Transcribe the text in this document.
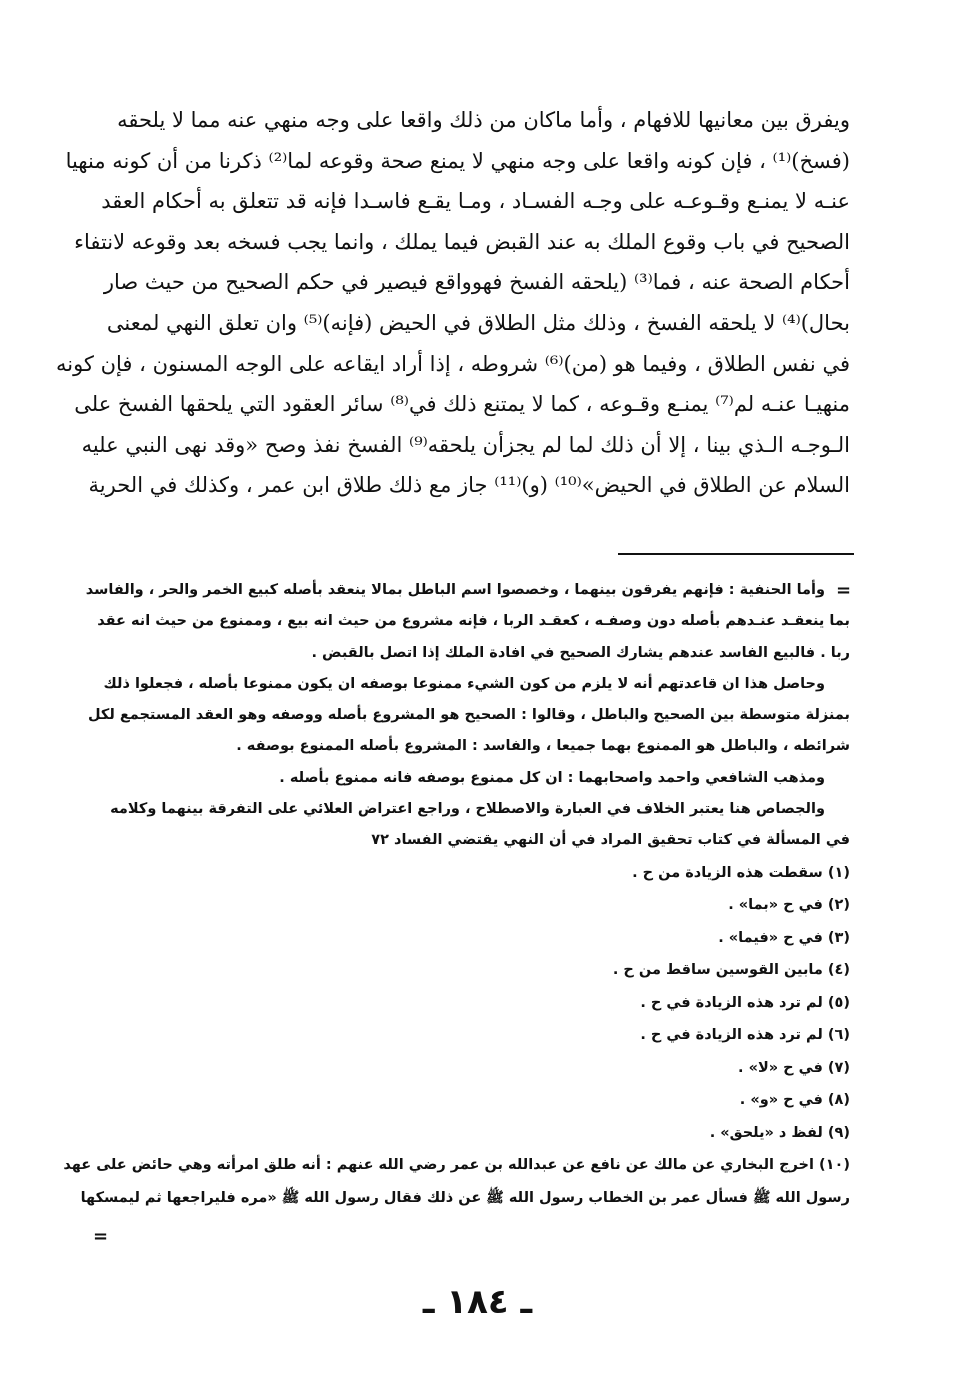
ويفرق بين معانيها للافهام ، وأما ماكان من ذلك واقعا على وجه منهي عنه مما لا يلحقه
(فسخ)⁽¹⁾ ، فإن كونه واقعا على وجه منهي لا يمنع صحة وقوعه لما⁽²⁾ ذكرنا من أن كونه منهيا
عنـه لا يمنـع وقـوعـه على وجـه الفسـاد ، ومـا يقـع فاسـدا فإنه قد تتعلق به أحكام العقد
الصحيح في باب وقوع الملك به عند القبض فيما يملك ، وانما يجب فسخه بعد وقوعه لانتفاء
أحكام الصحة عنه ، فما⁽³⁾ (يلحقه الفسخ فهوواقع فيصير في حكم الصحيح من حيث صار
بحال)⁽⁴⁾ لا يلحقه الفسخ ، وذلك مثل الطلاق في الحيض (فإنه)⁽⁵⁾ وان تعلق النهي لمعنى
في نفس الطلاق ، وفيما هو (من)⁽⁶⁾ شروطه ، إذا أراد ايقاعه على الوجه المسنون ، فإن كونه
منهيـا عنـه لم⁽⁷⁾ يمنـع وقـوعه ، كما لا يمتنع ذلك في⁽⁸⁾ سائر العقود التي يلحقها الفسخ على
الـوجـه الـذي بينا ، إلا أن ذلك لما لم يجزأن يلحقه⁽⁹⁾ الفسخ نفذ وصح «وقد نهى النبي عليه
السلام عن الطلاق في الحيض»⁽¹⁰⁾ (و)⁽¹¹⁾ جاز مع ذلك طلاق ابن عمر ، وكذلك في الحرية
=
وأما الحنفية : فإنهم يفرقون بينهما ، وخصصوا اسم الباطل بمالا ينعقد بأصله كبيع الخمر والحر ، والفاسد
بما ينعقـد عنـدهم بأصله دون وصفـه ، كعقـد الربا ، فإنه مشروع من حيث انه بيع ، وممنوع من حيث انه عقد
ربا . فالبيع الفاسد عندهم يشارك الصحيح في افادة الملك إذا اتصل بالقبض .
وحاصل هذا ان قاعدتهم أنه لا يلزم من كون الشيء ممنوعا بوصفه ان يكون ممنوعا بأصله ، فجعلوا ذلك
بمنزلة متوسطة بين الصحيح والباطل ، وقالوا : الصحيح هو المشروع بأصله ووصفه وهو العقد المستجمع لكل
شرائطه ، والباطل هو الممنوع بهما جميعا ، والفاسد : المشروع بأصله الممنوع بوصفه .
ومذهب الشافعي واحمد واصحابهما : ان كل ممنوع بوصفه فانه ممنوع بأصله .
والجصاص هنا يعتبر الخلاف في العبارة والاصطلاح ، وراجع اعتراض العلائي على التفرقة بينهما وكلامه
في المسألة في كتاب تحقيق المراد في أن النهي يقتضي الفساد ٧٢
(١) سقطت هذه الزيادة من ح .
(٢) في ح «بما» .
(٣) في ح «فيما» .
(٤) مابين القوسين ساقط من ح .
(٥) لم ترد هذه الزيادة في ح .
(٦) لم ترد هذه الزيادة في ح .
(٧) في ح «لا» .
(٨) في ح «و» .
(٩) لفظ د «يلحق» .
(١٠) اخرج البخاري عن مالك عن نافع عن عبدالله بن عمر رضي الله عنهم : أنه طلق امرأته وهي حائض على عهد
رسول الله ﷺ فسأل عمر بن الخطاب رسول الله ﷺ عن ذلك فقال رسول الله ﷺ «مره فليراجعها ثم ليمسكها
=
ـ ١٨٤ ـ
